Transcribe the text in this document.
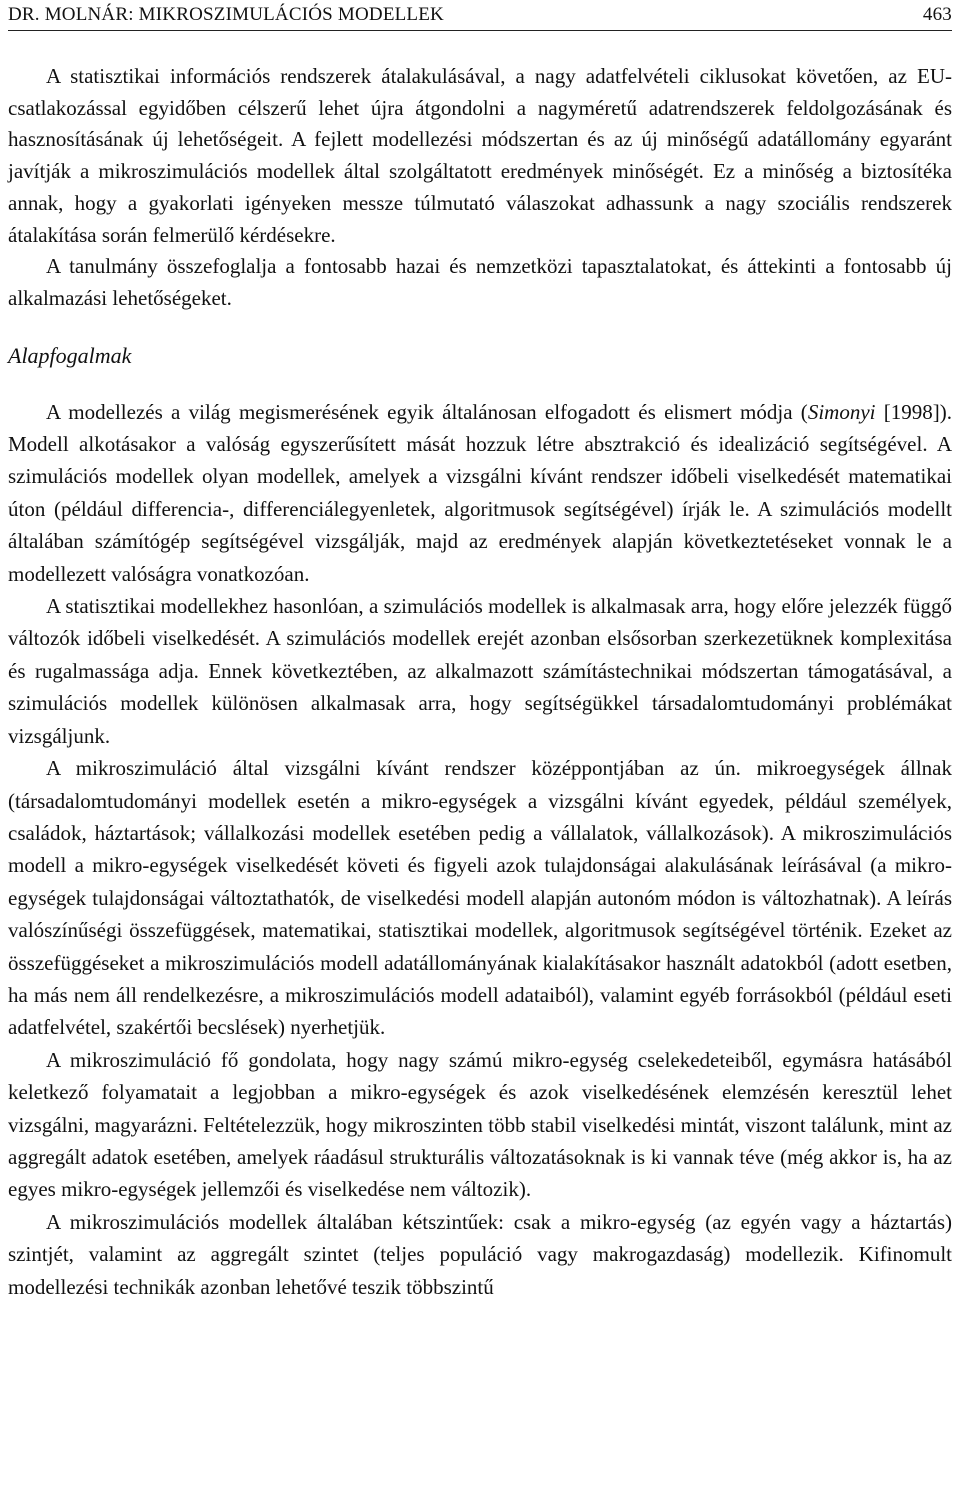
DR. MOLNÁR: MIKROSZIMULÁCIÓS MODELLEK	463

A statisztikai információs rendszerek átalakulásával, a nagy adatfelvételi ciklusokat követően, az EU-csatlakozással egyidőben célszerű lehet újra átgondolni a nagyméretű adatrendszerek feldolgozásának és hasznosításának új lehetőségeit. A fejlett modellezési módszertan és az új minőségű adatállomány egyaránt javítják a mikroszimulációs modellek által szolgáltatott eredmények minőségét. Ez a minőség a biztosítéka annak, hogy a gyakorlati igényeken messze túlmutató válaszokat adhassunk a nagy szociális rendszerek átalakítása során felmerülő kérdésekre.

A tanulmány összefoglalja a fontosabb hazai és nemzetközi tapasztalatokat, és áttekinti a fontosabb új alkalmazási lehetőségeket.

Alapfogalmak

A modellezés a világ megismerésének egyik általánosan elfogadott és elismert módja (Simonyi [1998]). Modell alkotásakor a valóság egyszerűsített mását hozzuk létre absztrakció és idealizáció segítségével. A szimulációs modellek olyan modellek, amelyek a vizsgálni kívánt rendszer időbeli viselkedését matematikai úton (például differencia-, differenciálegyenletek, algoritmusok segítségével) írják le. A szimulációs modellt általában számítógép segítségével vizsgálják, majd az eredmények alapján következtetéseket vonnak le a modellezett valóságra vonatkozóan.

A statisztikai modellekhez hasonlóan, a szimulációs modellek is alkalmasak arra, hogy előre jelezzék függő változók időbeli viselkedését. A szimulációs modellek erejét azonban elsősorban szerkezetüknek komplexitása és rugalmassága adja. Ennek következtében, az alkalmazott számítástechnikai módszertan támogatásával, a szimulációs modellek különösen alkalmasak arra, hogy segítségükkel társadalomtudományi problémákat vizsgáljunk.

A mikroszimuláció által vizsgálni kívánt rendszer középpontjában az ún. mikroegységek állnak (társadalomtudományi modellek esetén a mikro-egységek a vizsgálni kívánt egyedek, például személyek, családok, háztartások; vállalkozási modellek esetében pedig a vállalatok, vállalkozások). A mikroszimulációs modell a mikro-egységek viselkedését követi és figyeli azok tulajdonságai alakulásának leírásával (a mikro-egységek tulajdonságai változtathatók, de viselkedési modell alapján autonóm módon is változhatnak). A leírás valószínűségi összefüggések, matematikai, statisztikai modellek, algoritmusok segítségével történik. Ezeket az összefüggéseket a mikroszimulációs modell adatállományának kialakításakor használt adatokból (adott esetben, ha más nem áll rendelkezésre, a mikroszimulációs modell adataiból), valamint egyéb forrásokból (például eseti adatfelvétel, szakértői becslések) nyerhetjük.

A mikroszimuláció fő gondolata, hogy nagy számú mikro-egység cselekedeteiből, egymásra hatásából keletkező folyamatait a legjobban a mikro-egységek és azok viselkedésének elemzésén keresztül lehet vizsgálni, magyarázni. Feltételezzük, hogy mikroszinten több stabil viselkedési mintát, viszont találunk, mint az aggregált adatok esetében, amelyek ráadásul strukturális változatásoknak is ki vannak téve (még akkor is, ha az egyes mikro-egységek jellemzői és viselkedése nem változik).

A mikroszimulációs modellek általában kétszintűek: csak a mikro-egység (az egyén vagy a háztartás) szintjét, valamint az aggregált szintet (teljes populáció vagy makrogazdaság) modellezik. Kifinomult modellezési technikák azonban lehetővé teszik többszintű
